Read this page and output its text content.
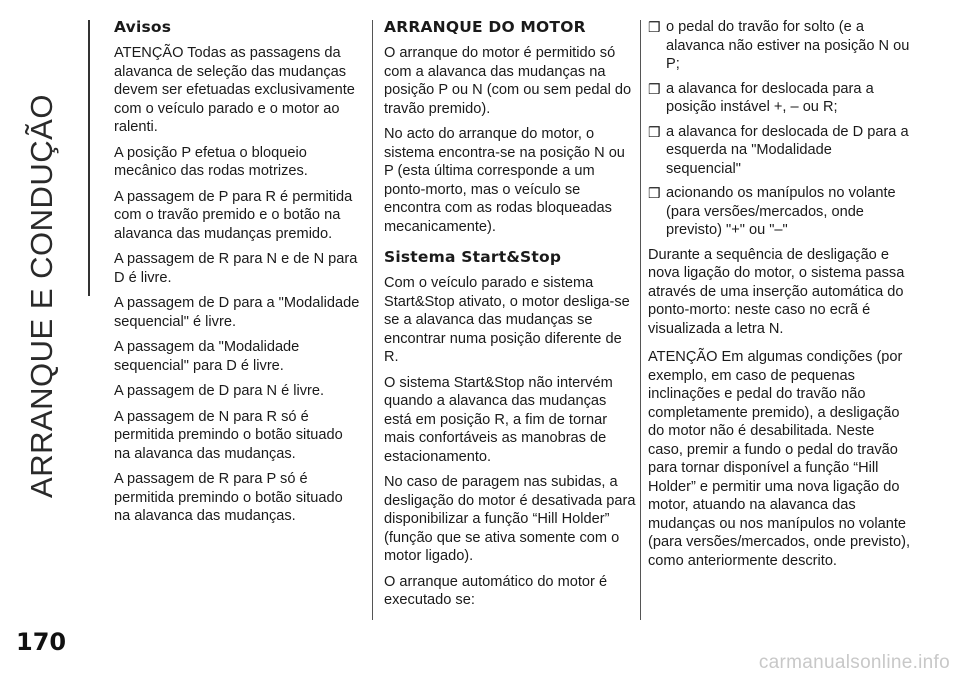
ARRANQUE E CONDUÇÃO
170
Avisos

ATENÇÃO Todas as passagens da alavanca de seleção das mudanças devem ser efetuadas exclusivamente com o veículo parado e o motor ao ralenti.

A posição P efetua o bloqueio mecânico das rodas motrizes.

A passagem de P para R é permitida com o travão premido e o botão na alavanca das mudanças premido.

A passagem de R para N e de N para D é livre.

A passagem de D para a "Modalidade sequencial" é livre.

A passagem da "Modalidade sequencial" para D é livre.

A passagem de D para N é livre.

A passagem de N para R só é permitida premindo o botão situado na alavanca das mudanças.

A passagem de R para P só é permitida premindo o botão situado na alavanca das mudanças.

ARRANQUE DO MOTOR

O arranque do motor é permitido só com a alavanca das mudanças na posição P ou N (com ou sem pedal do travão premido).

No acto do arranque do motor, o sistema encontra-se na posição N ou P (esta última corresponde a um ponto-morto, mas o veículo se encontra com as rodas bloqueadas mecanicamente).

Sistema Start&Stop

Com o veículo parado e sistema Start&Stop ativato, o motor desliga-se se a alavanca das mudanças se encontrar numa posição diferente de R.

O sistema Start&Stop não intervém quando a alavanca das mudanças está em posição R, a fim de tornar mais confortáveis as manobras de estacionamento.

No caso de paragem nas subidas, a desligação do motor é desativada para disponibilizar a função “Hill Holder” (função que se ativa somente com o motor ligado).

O arranque automático do motor é executado se:

❒ o pedal do travão for solto (e a alavanca não estiver na posição N ou P;
❒ a alavanca for deslocada para a posição instável +, – ou R;
❒ a alavanca for deslocada de D para a esquerda na "Modalidade sequencial"
❒ acionando os manípulos no volante (para versões/mercados, onde previsto) "+" ou "–"

Durante a sequência de desligação e nova ligação do motor, o sistema passa através de uma inserção automática do ponto-morto: neste caso no ecrã é visualizada a letra N.

ATENÇÃO Em algumas condições (por exemplo, em caso de pequenas inclinações e pedal do travão não completamente premido), a desligação do motor não é desabilitada. Neste caso, premir a fundo o pedal do travão para tornar disponível a função “Hill Holder” e permitir uma nova ligação do motor, atuando na alavanca das mudanças ou nos manípulos no volante (para versões/mercados, onde previsto), como anteriormente descrito.

carmanualsonline.info
